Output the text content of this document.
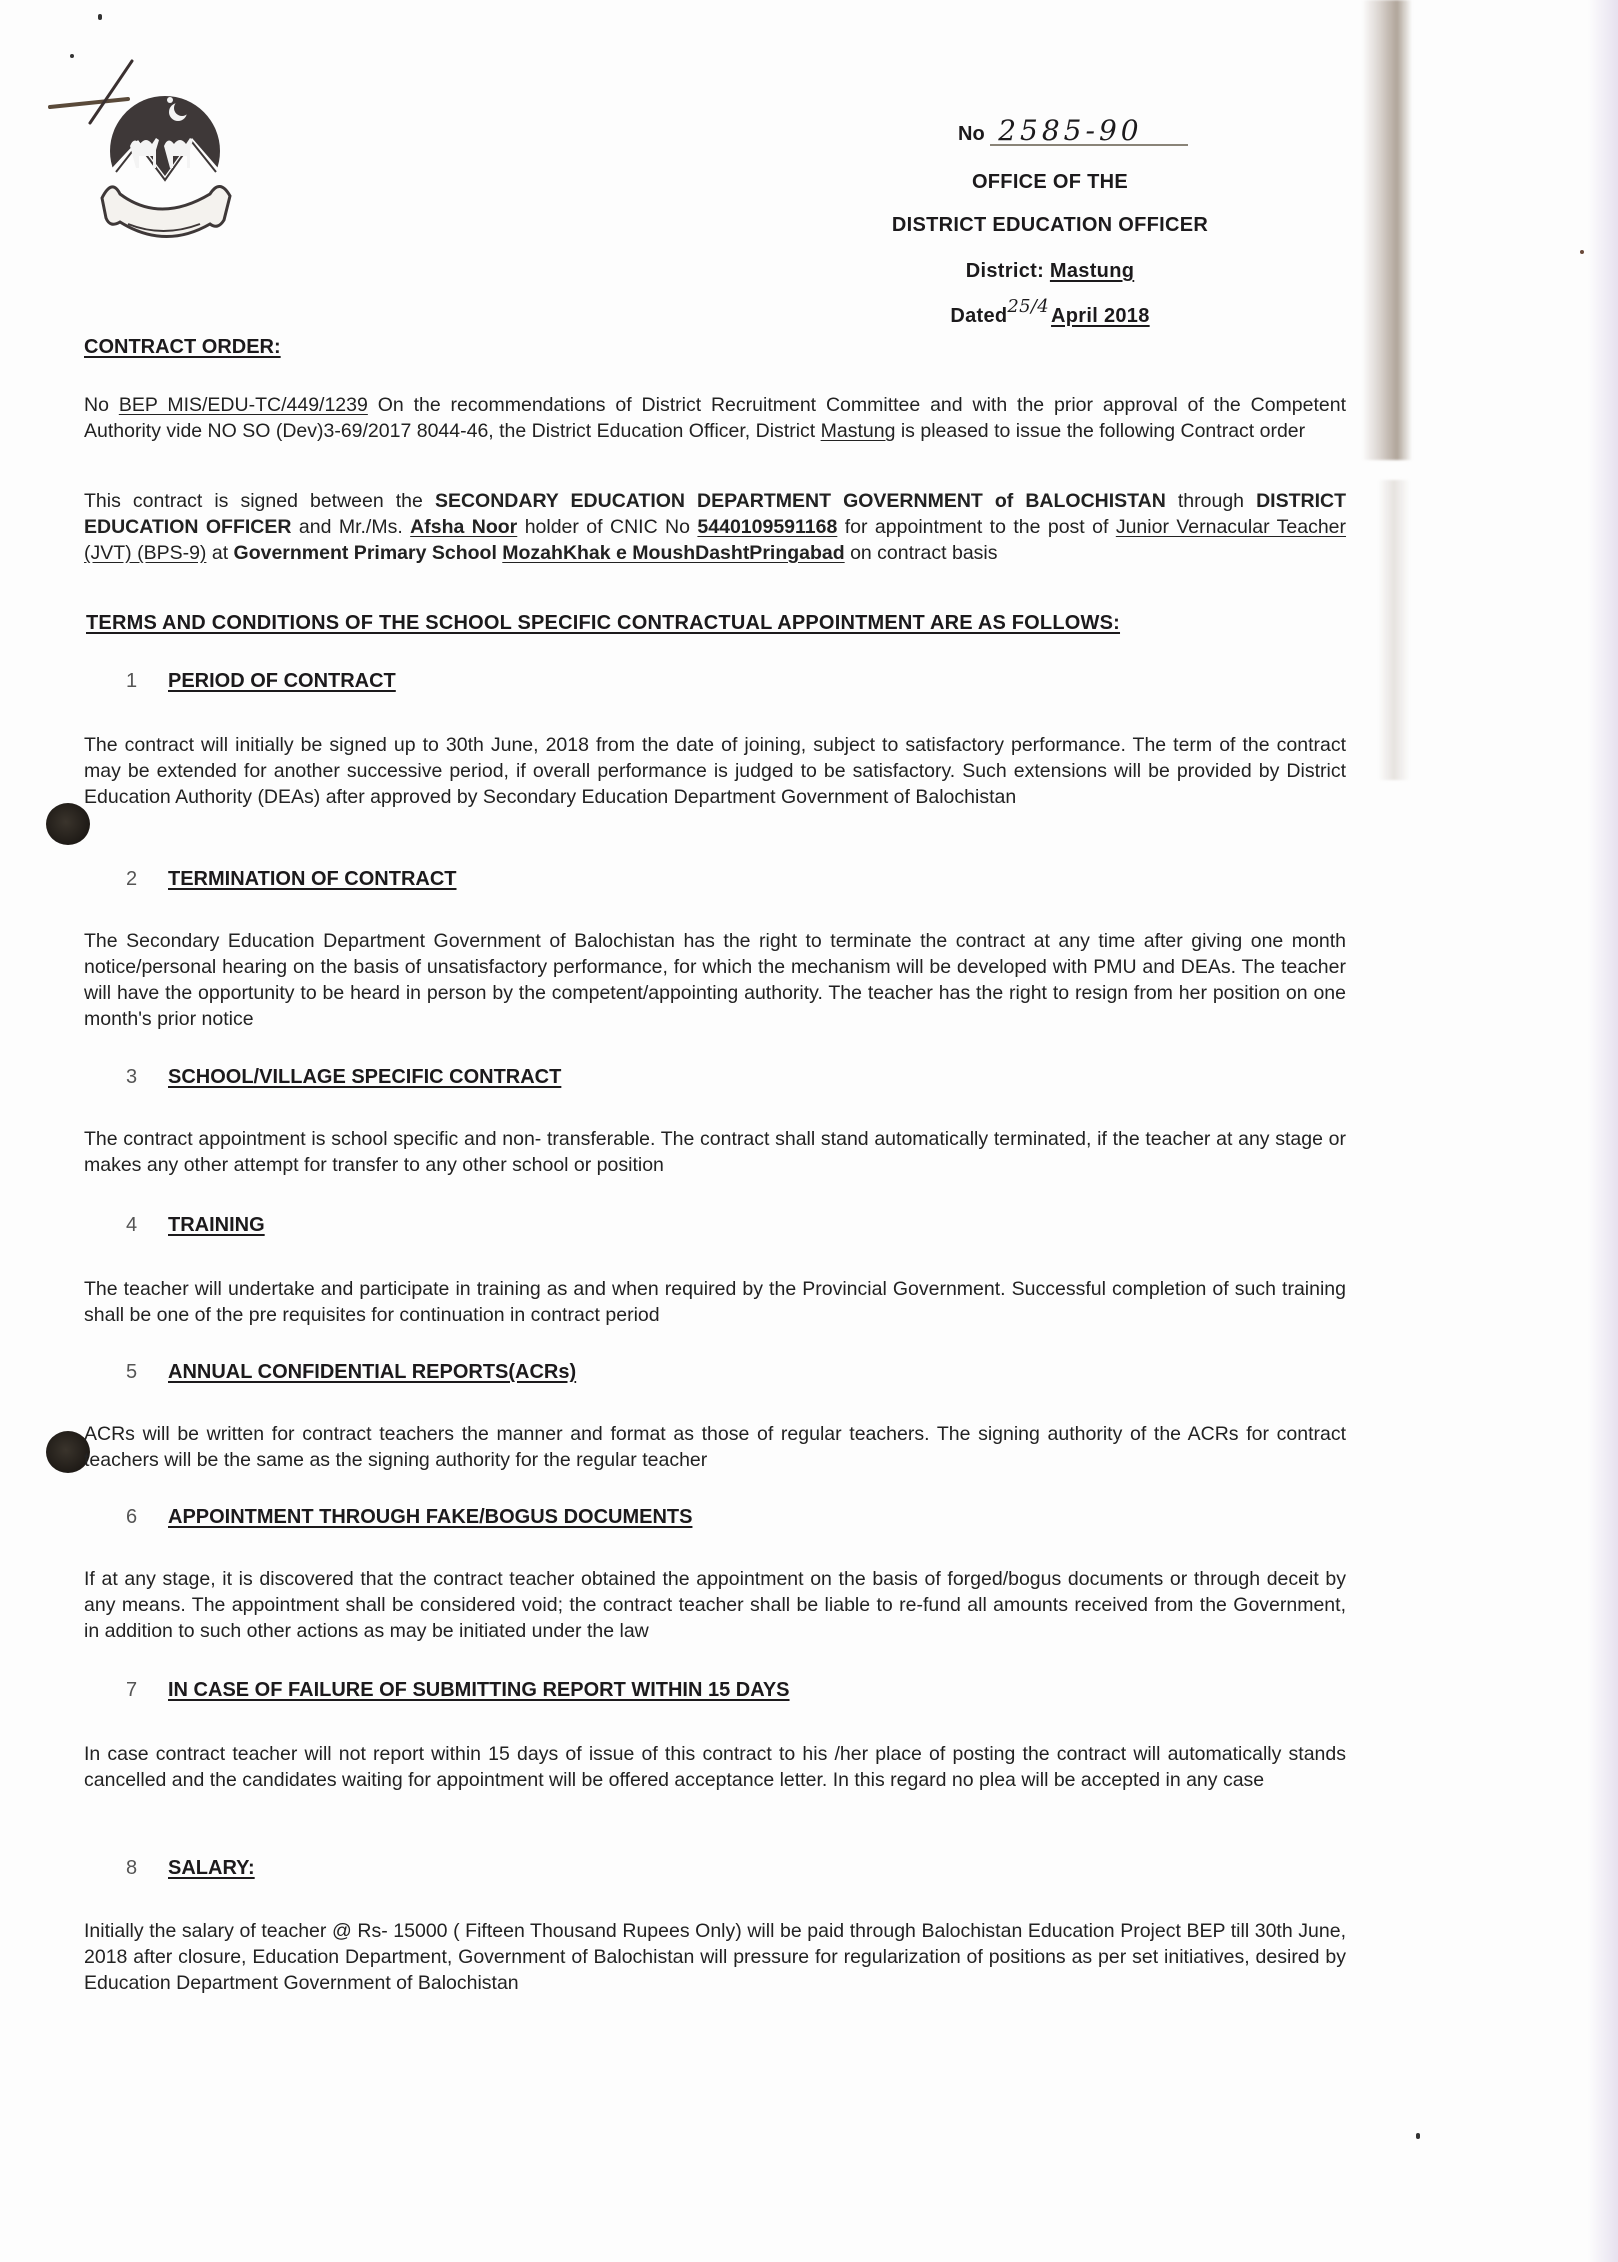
No 2585-90
OFFICE OF THE
DISTRICT EDUCATION OFFICER
District: Mastung
Dated25/4 April 2018
CONTRACT ORDER:
No BEP MIS/EDU-TC/449/1239 On the recommendations of District Recruitment Committee and with the prior approval of the Competent Authority vide NO SO (Dev)3-69/2017 8044-46, the District Education Officer, District Mastung is pleased to issue the following Contract order
This contract is signed between the SECONDARY EDUCATION DEPARTMENT GOVERNMENT of BALOCHISTAN through DISTRICT EDUCATION OFFICER and Mr./Ms. Afsha Noor holder of CNIC No 5440109591168 for appointment to the post of Junior Vernacular Teacher (JVT) (BPS-9) at Government Primary School MozahKhak e MoushDashtPringabad on contract basis
TERMS AND CONDITIONS OF THE SCHOOL SPECIFIC CONTRACTUAL APPOINTMENT ARE AS FOLLOWS:
1 PERIOD OF CONTRACT
The contract will initially be signed up to 30th June, 2018 from the date of joining, subject to satisfactory performance. The term of the contract may be extended for another successive period, if overall performance is judged to be satisfactory. Such extensions will be provided by District Education Authority (DEAs) after approved by Secondary Education Department Government of Balochistan
2 TERMINATION OF CONTRACT
The Secondary Education Department Government of Balochistan has the right to terminate the contract at any time after giving one month notice/personal hearing on the basis of unsatisfactory performance, for which the mechanism will be developed with PMU and DEAs. The teacher will have the opportunity to be heard in person by the competent/appointing authority. The teacher has the right to resign from her position on one month's prior notice
3 SCHOOL/VILLAGE SPECIFIC CONTRACT
The contract appointment is school specific and non- transferable. The contract shall stand automatically terminated, if the teacher at any stage or makes any other attempt for transfer to any other school or position
4 TRAINING
The teacher will undertake and participate in training as and when required by the Provincial Government. Successful completion of such training shall be one of the pre requisites for continuation in contract period
5 ANNUAL CONFIDENTIAL REPORTS(ACRs)
ACRs will be written for contract teachers the manner and format as those of regular teachers. The signing authority of the ACRs for contract teachers will be the same as the signing authority for the regular teacher
6 APPOINTMENT THROUGH FAKE/BOGUS DOCUMENTS
If at any stage, it is discovered that the contract teacher obtained the appointment on the basis of forged/bogus documents or through deceit by any means. The appointment shall be considered void; the contract teacher shall be liable to re-fund all amounts received from the Government, in addition to such other actions as may be initiated under the law
7 IN CASE OF FAILURE OF SUBMITTING REPORT WITHIN 15 DAYS
In case contract teacher will not report within 15 days of issue of this contract to his /her place of posting the contract will automatically stands cancelled and the candidates waiting for appointment will be offered acceptance letter. In this regard no plea will be accepted in any case
8 SALARY:
Initially the salary of teacher @ Rs- 15000 ( Fifteen Thousand Rupees Only) will be paid through Balochistan Education Project BEP till 30th June, 2018 after closure, Education Department, Government of Balochistan will pressure for regularization of positions as per set initiatives, desired by Education Department Government of Balochistan
